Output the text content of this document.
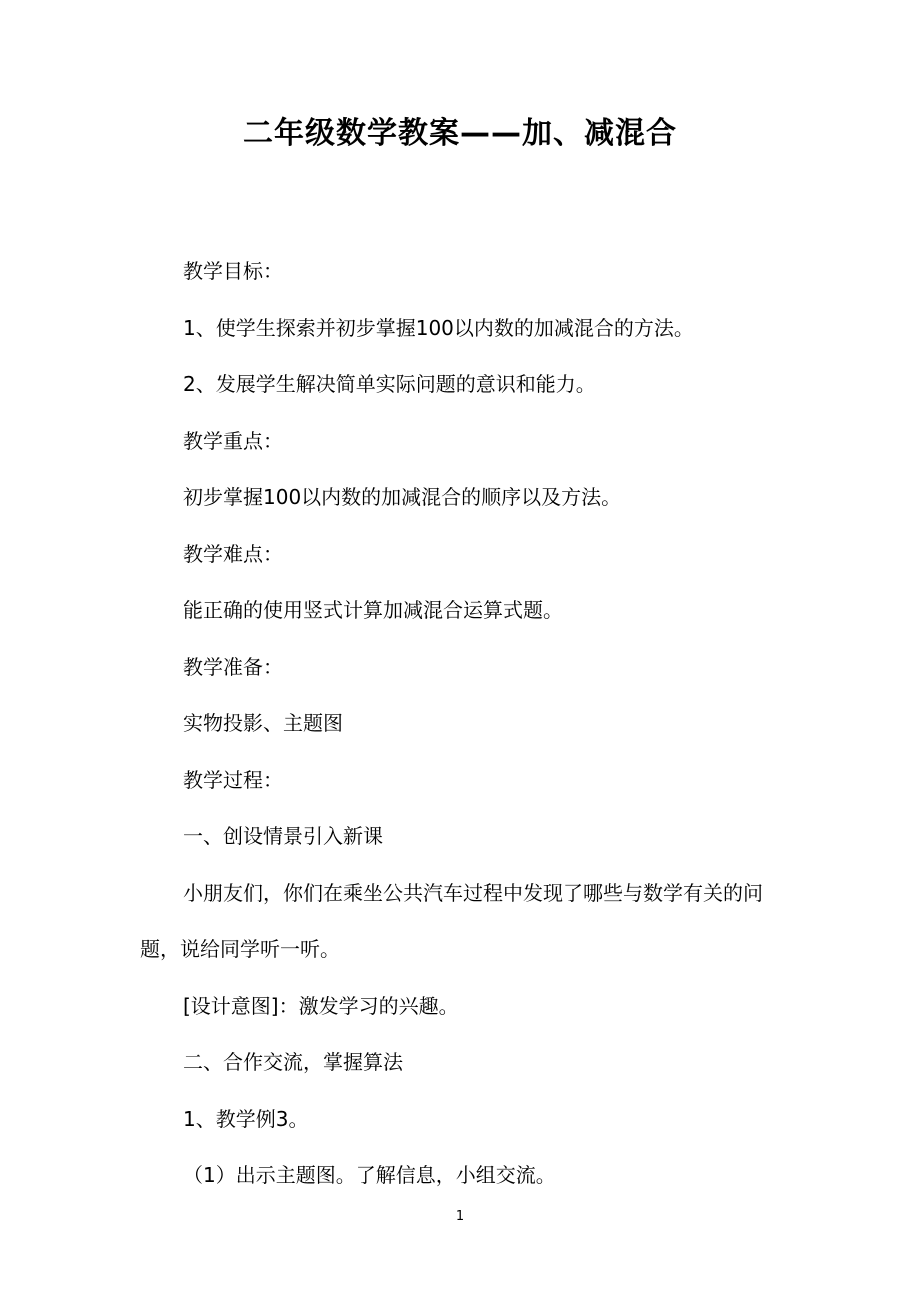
二年级数学教案——加、减混合
教学目标：
1、使学生探索并初步掌握100以内数的加减混合的方法。
2、发展学生解决简单实际问题的意识和能力。
教学重点：
初步掌握100以内数的加减混合的顺序以及方法。
教学难点：
能正确的使用竖式计算加减混合运算式题。
教学准备：
实物投影、主题图
教学过程：
一、创设情景引入新课
小朋友们，你们在乘坐公共汽车过程中发现了哪些与数学有关的问题，说给同学听一听。
[设计意图]：激发学习的兴趣。
二、合作交流，掌握算法
1、教学例3。
（1）出示主题图。了解信息，小组交流。
1
